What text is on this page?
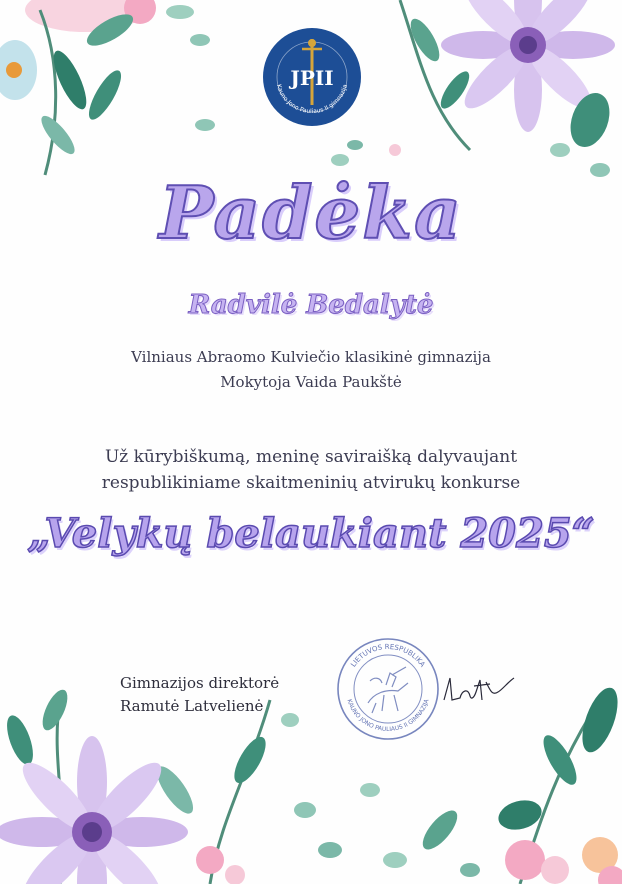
JPII
Kauno Jono Pauliaus II gimnazija
Padėka
Radvilė Bedalytė
Vilniaus Abraomo Kulviečio klasikinė gimnazija
Mokytoja Vaida Paukštė
Už kūrybiškumą, meninę saviraišką dalyvaujant
respublikiniame skaitmeninių atvirukų konkurse
„Velykų belaukiant 2025“
Gimnazijos direktorė
Ramutė Latvelienė
LIETUVOS RESPUBLIKA
KAUNO JONO PAULIAUS II GIMNAZIJA
